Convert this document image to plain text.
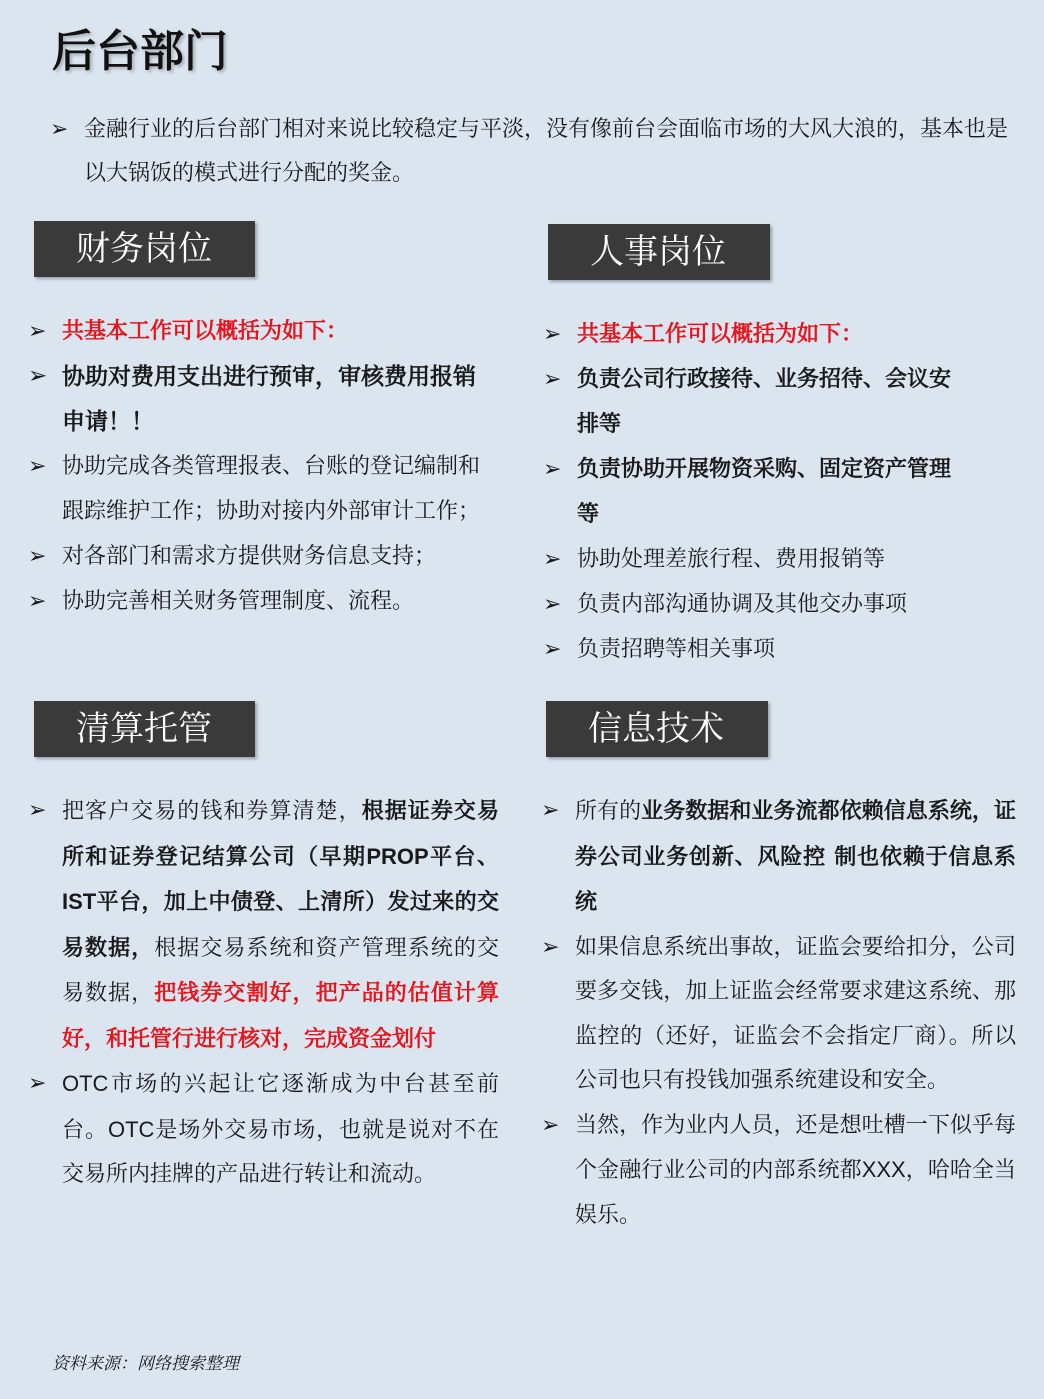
后台部门
➢ 金融行业的后台部门相对来说比较稳定与平淡，没有像前台会面临市场的大风大浪的，基本也是以大锅饭的模式进行分配的奖金。
财务岗位
➢ 共基本工作可以概括为如下：
➢ 协助对费用支出进行预审，审核费用报销申请！！
➢ 协助完成各类管理报表、台账的登记编制和跟踪维护工作；协助对接内外部审计工作；
➢ 对各部门和需求方提供财务信息支持；
➢ 协助完善相关财务管理制度、流程。
人事岗位
➢ 共基本工作可以概括为如下：
➢ 负责公司行政接待、业务招待、会议安排等
➢ 负责协助开展物资采购、固定资产管理等
➢ 协助处理差旅行程、费用报销等
➢ 负责内部沟通协调及其他交办事项
➢ 负责招聘等相关事项
清算托管
➢ 把客户交易的钱和券算清楚，根据证券交易所和证券登记结算公司（早期PROP平台、IST平台，加上中债登、上清所）发过来的交易数据，根据交易系统和资产管理系统的交易数据，把钱券交割好，把产品的估值计算好，和托管行进行核对，完成资金划付
➢ OTC市场的兴起让它逐渐成为中台甚至前台。OTC是场外交易市场，也就是说对不在交易所内挂牌的产品进行转让和流动。
信息技术
➢ 所有的业务数据和业务流都依赖信息系统，证券公司业务创新、风险控 制也依赖于信息系统
➢ 如果信息系统出事故，证监会要给扣分，公司要多交钱，加上证监会经常要求建这系统、那监控的（还好，证监会不会指定厂商）。所以公司也只有投钱加强系统建设和安全。
➢ 当然，作为业内人员，还是想吐槽一下似乎每个金融行业公司的内部系统都XXX，哈哈全当娱乐。
资料来源：网络搜索整理
